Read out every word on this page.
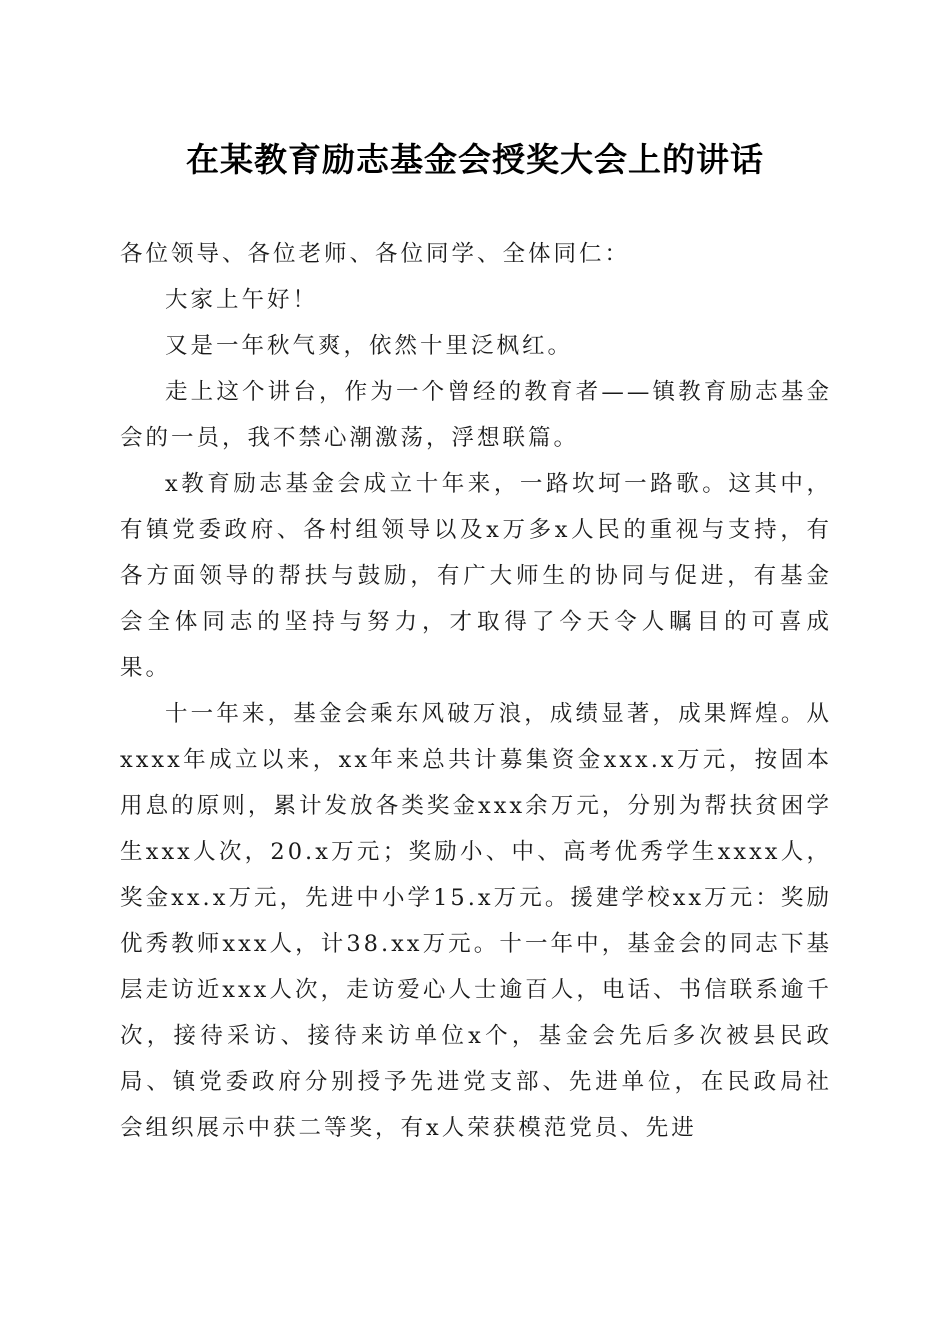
在某教育励志基金会授奖大会上的讲话

各位领导、各位老师、各位同学、全体同仁：

大家上午好！

又是一年秋气爽，依然十里泛枫红。

走上这个讲台，作为一个曾经的教育者——镇教育励志基金会的一员，我不禁心潮激荡，浮想联篇。

x教育励志基金会成立十年来，一路坎坷一路歌。这其中，有镇党委政府、各村组领导以及x万多x人民的重视与支持，有各方面领导的帮扶与鼓励，有广大师生的协同与促进，有基金会全体同志的坚持与努力，才取得了今天令人瞩目的可喜成果。

十一年来，基金会乘东风破万浪，成绩显著，成果辉煌。从xxxx年成立以来，xx年来总共计募集资金xxx.x万元，按固本用息的原则，累计发放各类奖金xxx余万元，分别为帮扶贫困学生xxx人次，20.x万元；奖励小、中、高考优秀学生xxxx人，奖金xx.x万元，先进中小学15.x万元。援建学校xx万元：奖励优秀教师xxx人，计38.xx万元。十一年中，基金会的同志下基层走访近xxx人次，走访爱心人士逾百人，电话、书信联系逾千次，接待采访、接待来访单位x个，基金会先后多次被县民政局、镇党委政府分别授予先进党支部、先进单位，在民政局社会组织展示中获二等奖，有x人荣获模范党员、先进
